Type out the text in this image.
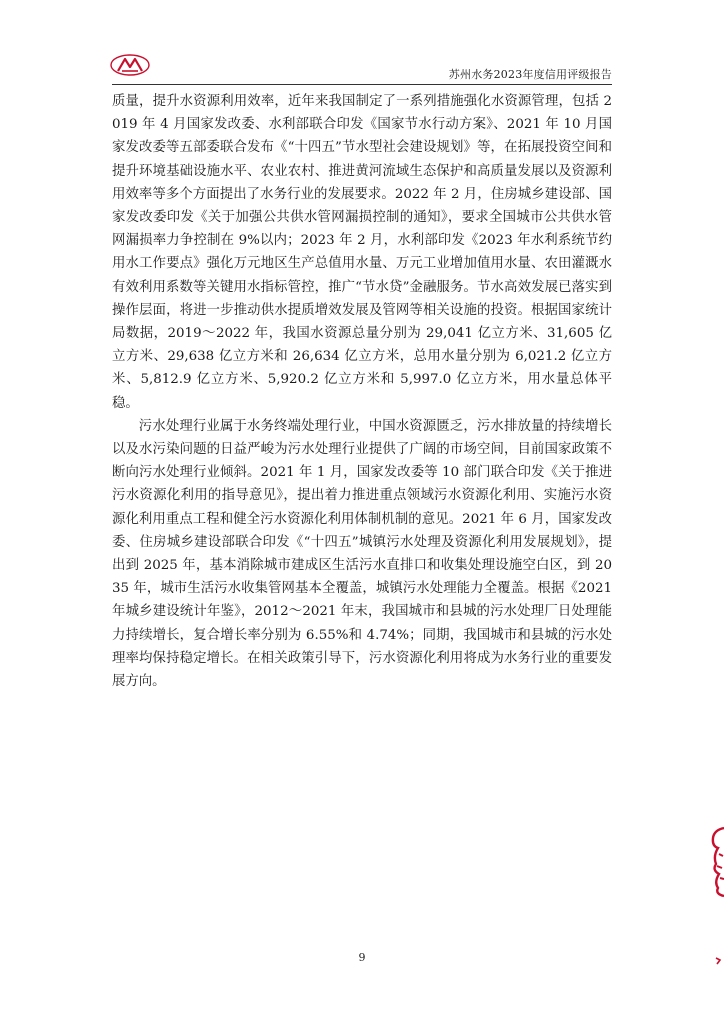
苏州水务2023年度信用评级报告

质量，提升水资源利用效率，近年来我国制定了一系列措施强化水资源管理，包括 2019 年 4 月国家发改委、水利部联合印发《国家节水行动方案》、2021 年 10 月国家发改委等五部委联合发布《“十四五”节水型社会建设规划》等，在拓展投资空间和提升环境基础设施水平、农业农村、推进黄河流域生态保护和高质量发展以及资源利用效率等多个方面提出了水务行业的发展要求。2022 年 2 月，住房城乡建设部、国家发改委印发《关于加强公共供水管网漏损控制的通知》，要求全国城市公共供水管网漏损率力争控制在 9%以内；2023 年 2 月，水利部印发《2023 年水利系统节约用水工作要点》强化万元地区生产总值用水量、万元工业增加值用水量、农田灌溉水有效利用系数等关键用水指标管控，推广“节水贷”金融服务。节水高效发展已落实到操作层面，将进一步推动供水提质增效发展及管网等相关设施的投资。根据国家统计局数据，2019～2022 年，我国水资源总量分别为 29,041 亿立方米、31,605 亿立方米、29,638 亿立方米和 26,634 亿立方米，总用水量分别为 6,021.2 亿立方米、5,812.9 亿立方米、5,920.2 亿立方米和 5,997.0 亿立方米，用水量总体平稳。

污水处理行业属于水务终端处理行业，中国水资源匮乏，污水排放量的持续增长以及水污染问题的日益严峻为污水处理行业提供了广阔的市场空间，目前国家政策不断向污水处理行业倾斜。2021 年 1 月，国家发改委等 10 部门联合印发《关于推进污水资源化利用的指导意见》，提出着力推进重点领域污水资源化利用、实施污水资源化利用重点工程和健全污水资源化利用体制机制的意见。2021 年 6 月，国家发改委、住房城乡建设部联合印发《“十四五”城镇污水处理及资源化利用发展规划》，提出到 2025 年，基本消除城市建成区生活污水直排口和收集处理设施空白区，到 2035 年，城市生活污水收集管网基本全覆盖，城镇污水处理能力全覆盖。根据《2021 年城乡建设统计年鉴》，2012～2021 年末，我国城市和县城的污水处理厂日处理能力持续增长，复合增长率分别为 6.55%和 4.74%；同期，我国城市和县城的污水处理率均保持稳定增长。在相关政策引导下，污水资源化利用将成为水务行业的重要发展方向。

9
